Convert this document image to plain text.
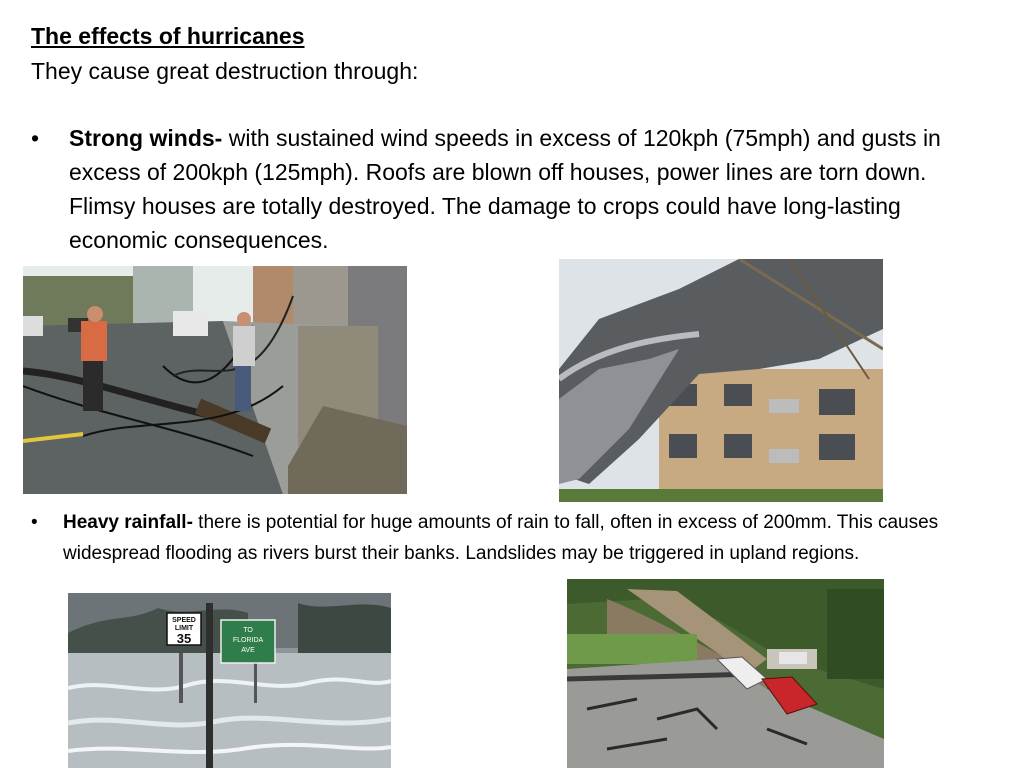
The effects of hurricanes
They cause great destruction through:
•	Strong winds- with sustained wind speeds in excess of 120kph (75mph) and gusts in excess of 200kph (125mph). Roofs are blown off houses, power lines are torn down. Flimsy houses are totally destroyed. The damage to crops could have long-lasting economic consequences.
•	Heavy rainfall- there is potential for huge amounts of rain to fall, often in excess of 200mm. This causes widespread flooding as rivers burst their banks. Landslides may be triggered in upland regions.
SPEED
LIMIT
35
TO
FLORIDA
AVE
